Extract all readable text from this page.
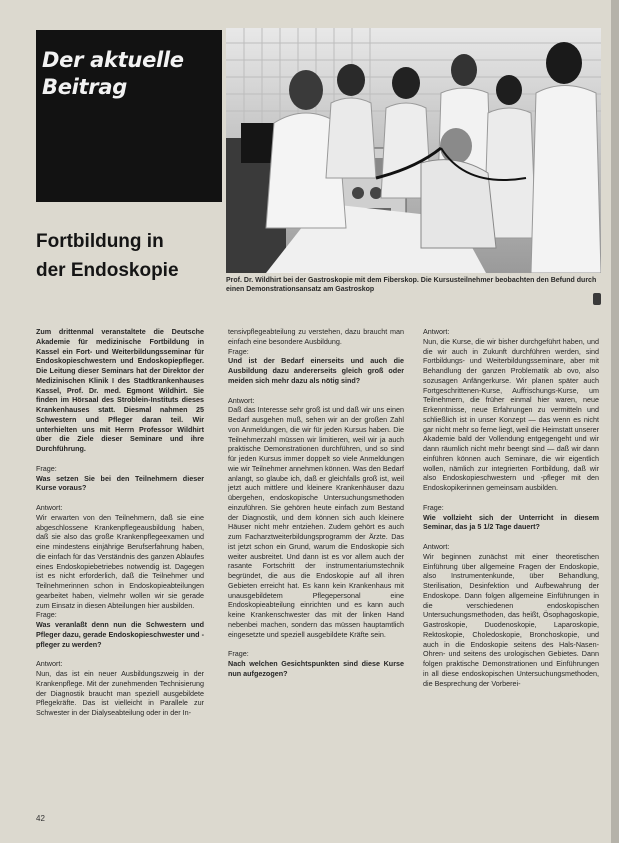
Der aktuelle
Beitrag
Fortbildung in
der Endoskopie	Prof. Dr. Wildhirt bei der Gastroskopie mit dem Fiberskop. Die Kursusteilnehmer beobachten den Befund durch einen Demonstrationsansatz am Gastroskop

Zum drittenmal veranstaltete die Deutsche Akademie für medizinische Fortbildung in Kassel ein Fort- und Weiterbildungsseminar für Endoskopieschwestern und Endoskopiepfleger. Die Leitung dieser Seminars hat der Direktor der Medizinischen Klinik I des Stadtkrankenhauses Kassel, Prof. Dr. med. Egmont Wildhirt. Sie finden im Hörsaal des Stroblein-Instituts dieses Krankenhauses statt. Diesmal nahmen 25 Schwestern und Pfleger daran teil. Wir unterhielten uns mit Herrn Professor Wildhirt über die Ziele dieser Seminare und ihre Durchführung.

Frage:

Was setzen Sie bei den Teilnehmern dieser Kurse voraus?

Antwort:

Wir erwarten von den Teilnehmern, daß sie eine abgeschlossene Krankenpflegeausbildung haben, daß sie also das große Krankenpflegeexamen und eine mindestens einjährige Berufserfahrung haben, die einfach für das Verständnis des ganzen Ablaufes eines Endoskopiebetriebes notwendig ist. Dagegen ist es nicht erforderlich, daß die Teilnehmer und Teilnehmerinnen schon in Endoskopieabteilungen gearbeitet haben, vielmehr wollen wir sie gerade zum Einsatz in diesen Abteilungen hier ausbilden.

Frage:

Was veranlaßt denn nun die Schwestern und Pfleger dazu, gerade Endoskopieschwester und -pfleger zu werden?

Antwort:

Nun, das ist ein neuer Ausbildungszweig in der Krankenpflege. Mit der zunehmenden Technisierung der Diagnostik braucht man speziell ausgebildete Pflegekräfte. Das ist vielleicht in Parallele zur Schwester in der Dialyseabteilung oder in der In-

tensivpflegeabteilung zu verstehen, dazu braucht man einfach eine besondere Ausbildung.

Frage:

Und ist der Bedarf einerseits und auch die Ausbildung dazu andererseits gleich groß oder meiden sich mehr dazu als nötig sind?

Antwort:

Daß das Interesse sehr groß ist und daß wir uns einen Bedarf ausgehen muß, sehen wir an der großen Zahl von Anmeldungen, die wir für jeden Kursus haben. Die Teilnehmerzahl müssen wir limitieren, weil wir ja auch praktische Demonstrationen durchführen, und so sind für jeden Kursus immer doppelt so viele Anmeldungen wie wir Teilnehmer annehmen können. Was den Bedarf anlangt, so glaube ich, daß er gleichfalls groß ist, weil jetzt auch mittlere und kleinere Krankenhäuser dazu übergehen, endoskopische Untersuchungsmethoden einzuführen. Sie gehören heute einfach zum Bestand der Diagnostik, und dem können sich auch kleinere Häuser nicht mehr entziehen. Zudem gehört es auch zum Facharztweiterbildungsprogramm der Ärzte. Das ist jetzt schon ein Grund, warum die Endoskopie sich weiter ausbreitet. Und dann ist es vor allem auch der rasante Fortschritt der instrumentariumstechnik begründet, die aus die Endoskopie auf all ihren Gebieten erreicht hat. Es kann kein Krankenhaus mit unausgebildetem Pflegepersonal eine Endoskopieabteilung einrichten und es kann auch keine Krankenschwester das mit der linken Hand nebenbei machen, sondern das müssen hauptamtlich eingesetzte und speziell ausgebildete Kräfte sein.

Frage:

Nach welchen Gesichtspunkten sind diese Kurse nun aufgezogen?

Antwort:

Nun, die Kurse, die wir bisher durchgeführt haben, und die wir auch in Zukunft durchführen werden, sind Fortbildungs- und Weiterbildungsseminare, aber mit Behandlung der ganzen Problematik ab ovo, also sozusagen Anfängerkurse. Wir planen später auch Fortgeschrittenen-Kurse, Auffrischungs-Kurse, um Teilnehmern, die früher einmal hier waren, neue Erkenntnisse, neue Erfahrungen zu vermitteln und schließlich ist in unser Konzept — das wenn es nicht gar nicht mehr so ferne liegt, weil die Heimstatt unserer Akademie bald der Vollendung entgegengeht und wir dann räumlich nicht mehr beengt sind — daß wir dann einführen können auch Seminare, die wir eigentlich wollen, nämlich zur integrierten Fortbildung, daß wir also Endoskopieschwestern und -pfleger mit den Endoskopikerinnen gemeinsam ausbilden.

Frage:

Wie vollzieht sich der Unterricht in diesem Seminar, das ja 5 1/2 Tage dauert?

Antwort:

Wir beginnen zunächst mit einer theoretischen Einführung über allgemeine Fragen der Endoskopie, also Instrumentenkunde, über Behandlung, Sterilisation, Desinfektion und Aufbewahrung der Endoskope. Dann folgen allgemeine Einführungen in die verschiedenen endoskopischen Untersuchungsmethoden, das heißt, Ösophagoskopie, Gastroskopie, Duodenoskopie, Laparoskopie, Rektoskopie, Choledoskopie, Bronchoskopie, und auch in die Endoskopie seitens des Hals-Nasen-Ohren- und seitens des urologischen Gebietes. Dann folgen praktische Demonstrationen und Einführungen in all diese endoskopischen Untersuchungsmethoden, die Besprechung der Vorberei-

42
